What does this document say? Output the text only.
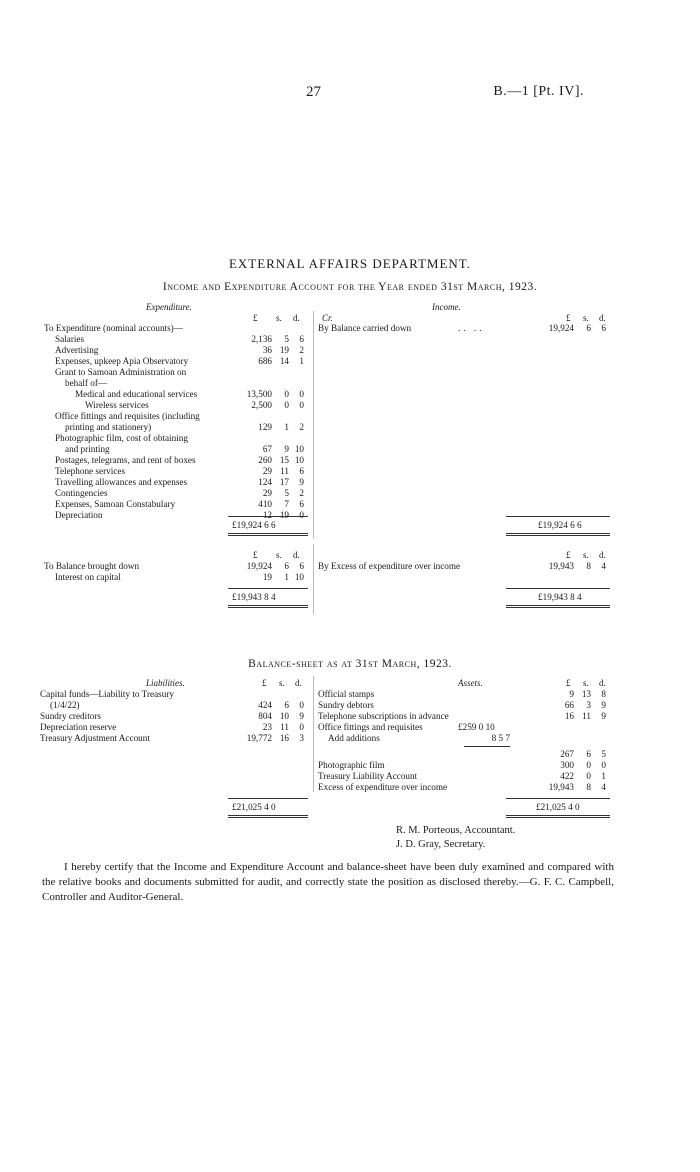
27	B.—1 [Pt. IV].
EXTERNAL AFFAIRS DEPARTMENT.
Income and Expenditure Account for the Year ended 31st March, 1923.
Expenditure.	Income.
£ s. d. Cr.	£ s. d.
To Expenditure (nominal accounts)—
Salaries	2,136	5	6
Advertising	36 19	2
Expenses, upkeep Apia Observatory	686 14	1
Grant to Samoan Administration on
behalf of—
Medical and educational services	13,500	0	0
Wireless services	2,500	0	0
Office fittings and requisites (including
printing and stationery)	129	1	2
Photographic film, cost of obtaining
and printing	67	9 10
Postages, telegrams, and rent of boxes	260 15 10
Telephone services	29 11	6
Travelling allowances and expenses	124 17	9
Contingencies	29	5	2
Expenses, Samoan Constabulary	410	7	6
Depreciation	12 19	0
By Balance carried down	.. ..	19,924	6	6
£19,924 6 6	£19,924 6 6
£ s. d.	£ s. d.
To Balance brought down	19,924	6	6
Interest on capital	19	1 10
By Excess of expenditure over income	19,943	8	4
£19,943 8 4	£19,943 8 4
Balance-sheet as at 31st March, 1923.
Liabilities.	£ s. d.	Assets.	£ s. d.
Capital funds—Liability to Treasury
(1/4/22)	424	6	0
Sundry creditors	804 10	9
Depreciation reserve	23 11	0
Treasury Adjustment Account	19,772 16	3
Official stamps	9 13	8
Sundry debtors	66	3	9
Telephone subscriptions in advance	16 11	9
Office fittings and requisites	£259 0 10
Add additions	8 5 7
267	6	5
Photographic film	300	0	0
Treasury Liability Account	422	0	1
Excess of expenditure over income	19,943	8	4
£21,025 4 0	£21,025 4 0
R. M. Porteous, Accountant.
J. D. Gray, Secretary.
I hereby certify that the Income and Expenditure Account and balance-sheet have been duly examined and compared with the relative books and documents submitted for audit, and correctly state the position as disclosed thereby.—G. F. C. Campbell, Controller and Auditor-General.
